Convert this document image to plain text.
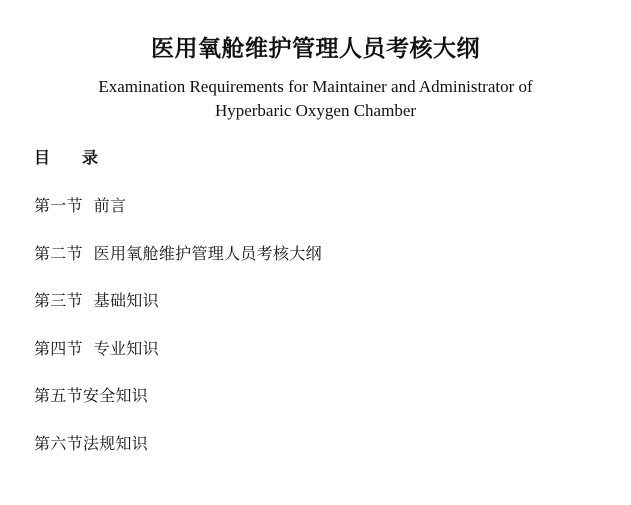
医用氧舱维护管理人员考核大纲
Examination Requirements for Maintainer and Administrator of
Hyperbaric Oxygen Chamber
目　　录
第一节  前言
第二节  医用氧舱维护管理人员考核大纲
第三节  基础知识
第四节  专业知识
第五节安全知识
第六节法规知识
